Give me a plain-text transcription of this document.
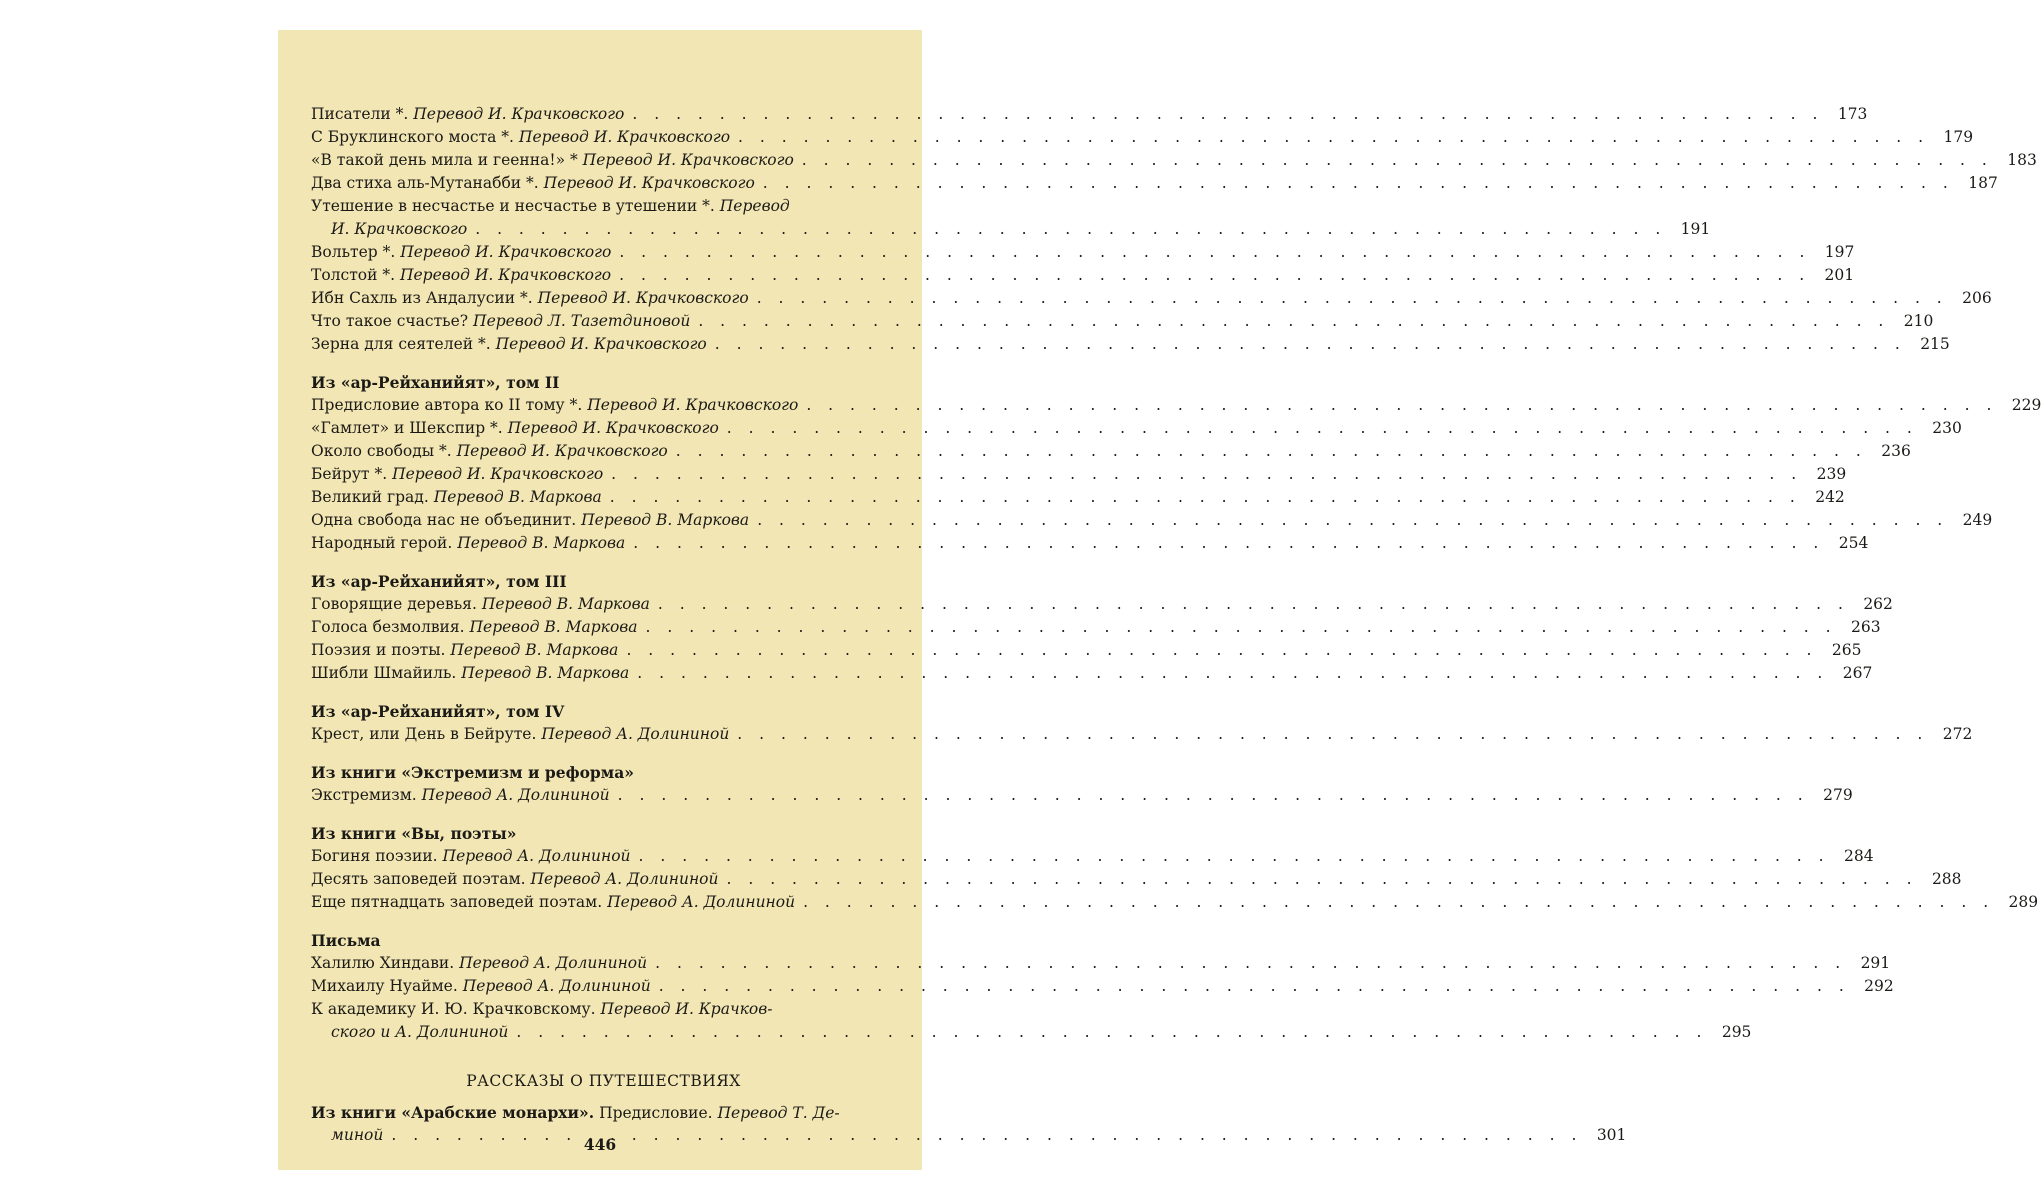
Писатели *. Перевод И. Крачковского . . .	173
С Бруклинского моста *. Перевод И. Крачковского . . .	179
«В такой день мила и геенна!» * Перевод И. Крачковского . . .	183
Два стиха аль-Мутанабби *. Перевод И. Крачковского . . .	187
Утешение в несчастье и несчастье в утешении *. Перевод
И. Крачковского . . .	191
Вольтер *. Перевод И. Крачковского . . .	197
Толстой *. Перевод И. Крачковского . . .	201
Ибн Сахль из Андалусии *. Перевод И. Крачковского . . .	206
Что такое счастье? Перевод Л. Тазетдиновой . . .	210
Зерна для сеятелей *. Перевод И. Крачковского . . .	215
Из «ар-Рейханийят», том II
Предисловие автора ко II тому *. Перевод И. Крачковского . . .	229
«Гамлет» и Шекспир *. Перевод И. Крачковского . . .	230
Около свободы *. Перевод И. Крачковского . . .	236
Бейрут *. Перевод И. Крачковского . . .	239
Великий град. Перевод В. Маркова . . .	242
Одна свобода нас не объединит. Перевод В. Маркова . . .	249
Народный герой. Перевод В. Маркова . . .	254
Из «ар-Рейханийят», том III
Говорящие деревья. Перевод В. Маркова . . .	262
Голоса безмолвия. Перевод В. Маркова . . .	263
Поэзия и поэты. Перевод В. Маркова . . .	265
Шибли Шмайиль. Перевод В. Маркова . . .	267
Из «ар-Рейханийят», том IV
Крест, или День в Бейруте. Перевод А. Долининой . . .	272
Из книги «Экстремизм и реформа»
Экстремизм. Перевод А. Долининой . . .	279
Из книги «Вы, поэты»
Богиня поэзии. Перевод А. Долининой . . .	284
Десять заповедей поэтам. Перевод А. Долининой . . .	288
Еще пятнадцать заповедей поэтам. Перевод А. Долининой . . .	289
Письма
Халилю Хиндави. Перевод А. Долининой . . .	291
Михаилу Нуайме. Перевод А. Долининой . . .	292
К академику И. Ю. Крачковскому. Перевод И. Крачков-
ского и А. Долининой . . .	295
РАССКАЗЫ О ПУТЕШЕСТВИЯХ
Из книги «Арабские монархи». Предисловие. Перевод Т. Де-
миной . . .	301
446
